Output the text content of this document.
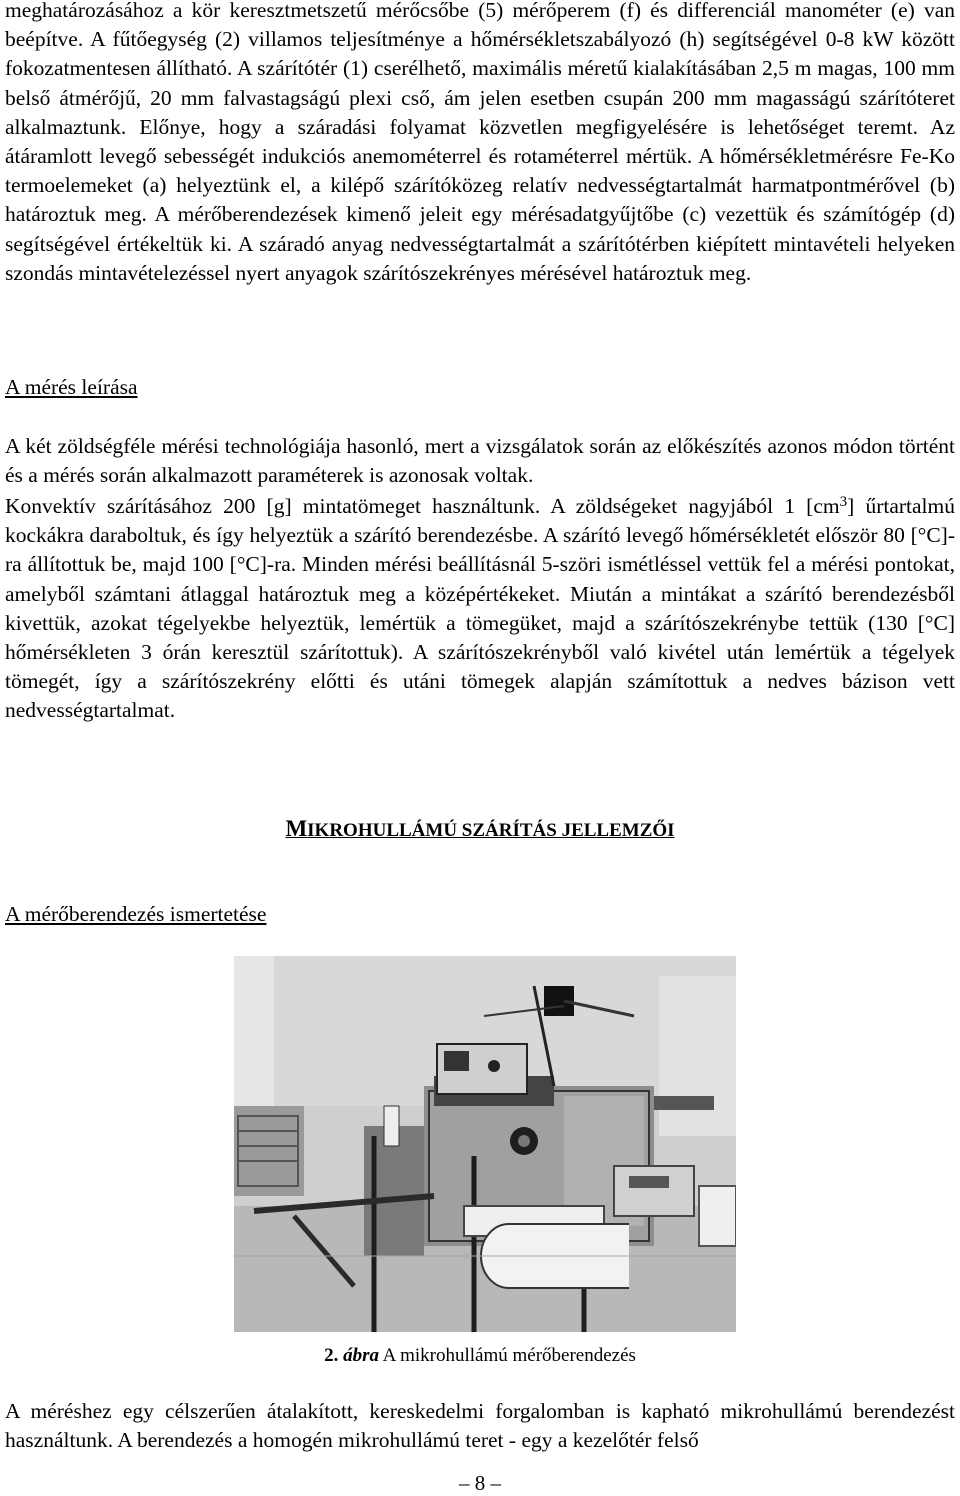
meghatározásához a kör keresztmetszetű mérőcsőbe (5) mérőperem (f) és differenciál manométer (e) van beépítve. A fűtőegység (2) villamos teljesítménye a hőmérsékletszabályozó (h) segítségével 0-8 kW között fokozatmentesen állítható. A szárítótér (1) cserélhető, maximális méretű kialakításában 2,5 m magas, 100 mm belső átmérőjű, 20 mm falvastagságú plexi cső, ám jelen esetben csupán 200 mm magasságú szárítóteret alkalmaztunk. Előnye, hogy a száradási folyamat közvetlen megfigyelésére is lehetőséget teremt. Az átáramlott levegő sebességét indukciós anemométerrel és rotaméterrel mértük. A hőmérsékletmérésre Fe-Ko termoelemeket (a) helyeztünk el, a kilépő szárítóközeg relatív nedvességtartalmát harmatpontmérővel (b) határoztuk meg. A mérőberendezések kimenő jeleit egy mérésadatgyűjtőbe (c) vezettük és számítógép (d) segítségével értékeltük ki. A száradó anyag nedvességtartalmát a szárítótérben kiépített mintavételi helyeken szondás mintavételezéssel nyert anyagok szárítószekrényes mérésével határoztuk meg.

A mérés leírása

A két zöldségféle mérési technológiája hasonló, mert a vizsgálatok során az előkészítés azonos módon történt és a mérés során alkalmazott paraméterek is azonosak voltak.

Konvektív szárításához 200 [g] mintatömeget használtunk. A zöldségeket nagyjából 1 $[cm^3]$ űrtartalmú kockákra daraboltuk, és így helyeztük a szárító berendezésbe. A szárító levegő hőmérsékletét először 80 [°C]-ra állítottuk be, majd 100 [°C]-ra. Minden mérési beállításnál 5-szöri ismétléssel vettük fel a mérési pontokat, amelyből számtani átlaggal határoztuk meg a középértékeket. Miután a mintákat a szárító berendezésből kivettük, azokat tégelyekbe helyeztük, lemértük a tömegüket, majd a szárítószekrénybe tettük (130 [°C] hőmérsékleten 3 órán keresztül szárítottuk). A szárítószekrényből való kivétel után lemértük a tégelyek tömegét, így a szárítószekrény előtti és utáni tömegek alapján számítottuk a nedves bázison vett nedvességtartalmat.

MIKROHULLÁMÚ SZÁRÍTÁS JELLEMZŐI
A mérőberendezés ismertetése
2. ábra A mikrohullámú mérőberendezés

A méréshez egy célszerűen átalakított, kereskedelmi forgalomban is kapható mikrohullámú berendezést használtunk. A berendezés a homogén mikrohullámú teret - egy a kezelőtér felső

– 8 –
